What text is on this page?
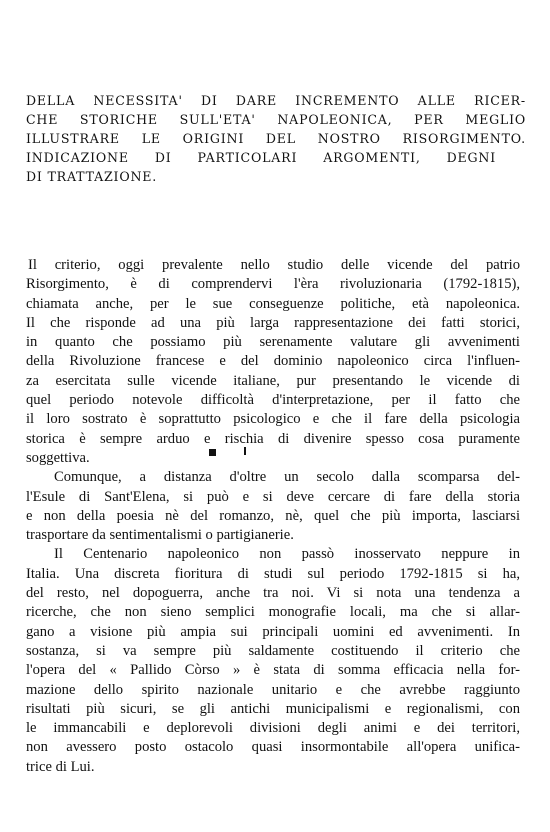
DELLA NECESSITA' DI DARE INCREMENTO ALLE RICER-
CHE STORICHE SULL'ETA' NAPOLEONICA, PER MEGLIO
ILLUSTRARE LE ORIGINI DEL NOSTRO RISORGIMENTO.
INDICAZIONE DI PARTICOLARI ARGOMENTI, DEGNI
DI TRATTAZIONE.
Il criterio, oggi prevalente nello studio delle vicende del patrio
Risorgimento, è di comprendervi l'èra rivoluzionaria (1792-1815),
chiamata anche, per le sue conseguenze politiche, età napoleonica.
Il che risponde ad una più larga rappresentazione dei fatti storici,
in quanto che possiamo più serenamente valutare gli avvenimenti
della Rivoluzione francese e del dominio napoleonico circa l'influen-
za esercitata sulle vicende italiane, pur presentando le vicende di
quel periodo notevole difficoltà d'interpretazione, per il fatto che
il loro sostrato è soprattutto psicologico e che il fare della psicologia
storica è sempre arduo e rischia di divenire spesso cosa puramente
soggettiva.
Comunque, a distanza d'oltre un secolo dalla scomparsa del-
l'Esule di Sant'Elena, si può e si deve cercare di fare della storia
e non della poesia nè del romanzo, nè, quel che più importa, lasciarsi
trasportare da sentimentalismi o partigianerie.
Il Centenario napoleonico non passò inosservato neppure in
Italia. Una discreta fioritura di studi sul periodo 1792-1815 si ha,
del resto, nel dopoguerra, anche tra noi. Vi si nota una tendenza a
ricerche, che non sieno semplici monografie locali, ma che si allar-
gano a visione più ampia sui principali uomini ed avvenimenti. In
sostanza, si va sempre più saldamente costituendo il criterio che
l'opera del « Pallido Còrso » è stata di somma efficacia nella for-
mazione dello spirito nazionale unitario e che avrebbe raggiunto
risultati più sicuri, se gli antichi municipalismi e regionalismi, con
le immancabili e deplorevoli divisioni degli animi e dei territori,
non avessero posto ostacolo quasi insormontabile all'opera unifica-
trice di Lui.
